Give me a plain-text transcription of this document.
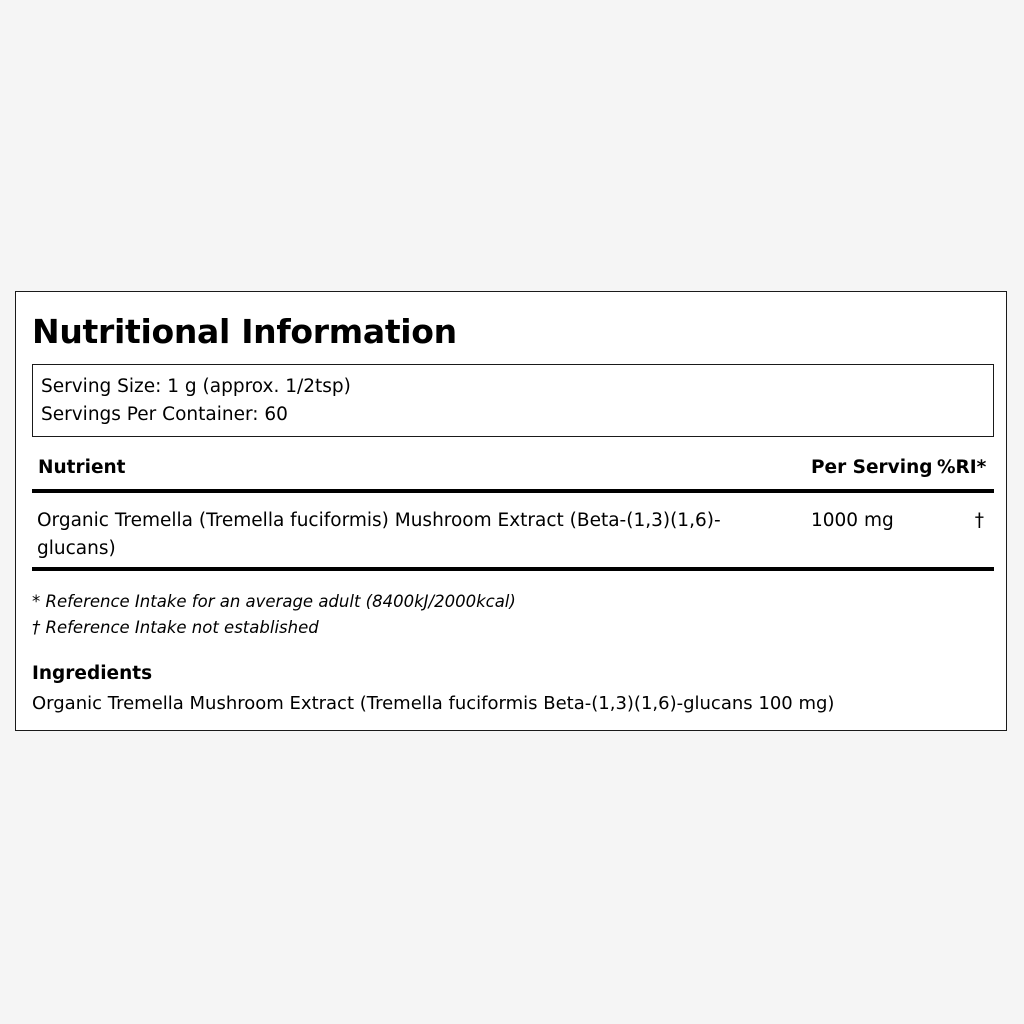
Nutritional Information
Serving Size: 1 g (approx. 1/2tsp)
Servings Per Container: 60
Nutrient	Per Serving %RI*
Organic Tremella (Tremella fuciformis) Mushroom Extract (Beta-(1,3)(1,6)-glucans)
1000 mg	†
* Reference Intake for an average adult (8400kJ/2000kcal)
† Reference Intake not established
Ingredients
Organic Tremella Mushroom Extract (Tremella fuciformis Beta-(1,3)(1,6)-glucans 100 mg)
